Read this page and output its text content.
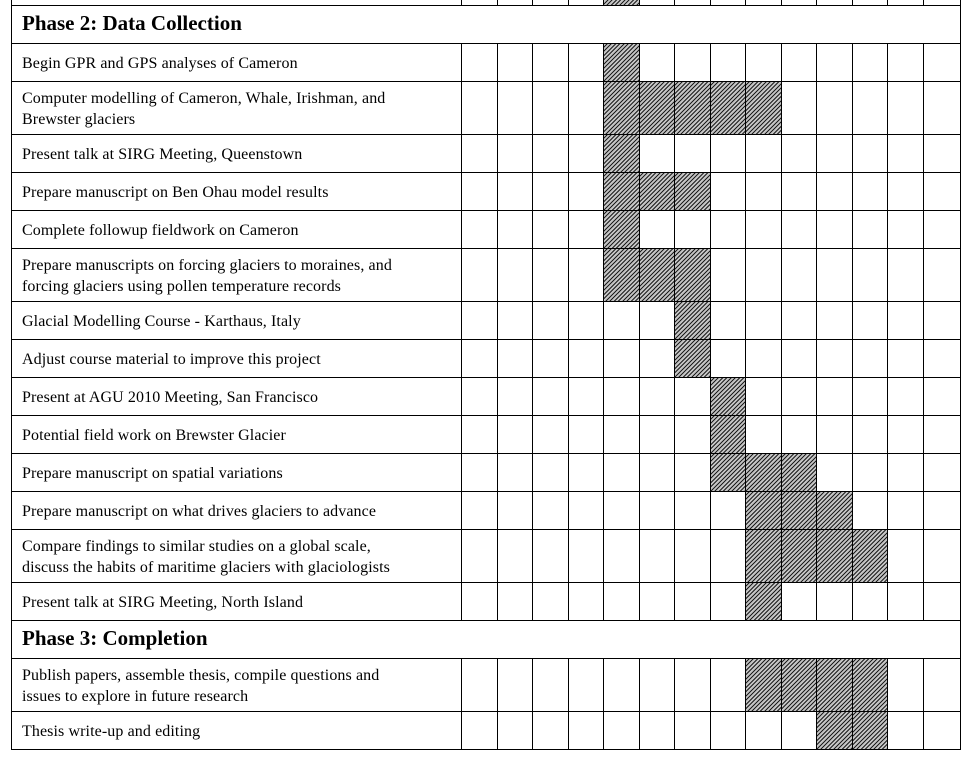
Phase 2: Data Collection
Begin GPR and GPS analyses of Cameron
Computer modelling of Cameron, Whale, Irishman, and
Brewster glaciers
Present talk at SIRG Meeting, Queenstown
Prepare manuscript on Ben Ohau model results
Complete followup fieldwork on Cameron
Prepare manuscripts on forcing glaciers to moraines, and
forcing glaciers using pollen temperature records
Glacial Modelling Course - Karthaus, Italy
Adjust course material to improve this project
Present at AGU 2010 Meeting, San Francisco
Potential field work on Brewster Glacier
Prepare manuscript on spatial variations
Prepare manuscript on what drives glaciers to advance
Compare findings to similar studies on a global scale,
discuss the habits of maritime glaciers with glaciologists
Present talk at SIRG Meeting, North Island
Phase 3: Completion
Publish papers, assemble thesis, compile questions and
issues to explore in future research
Thesis write-up and editing
